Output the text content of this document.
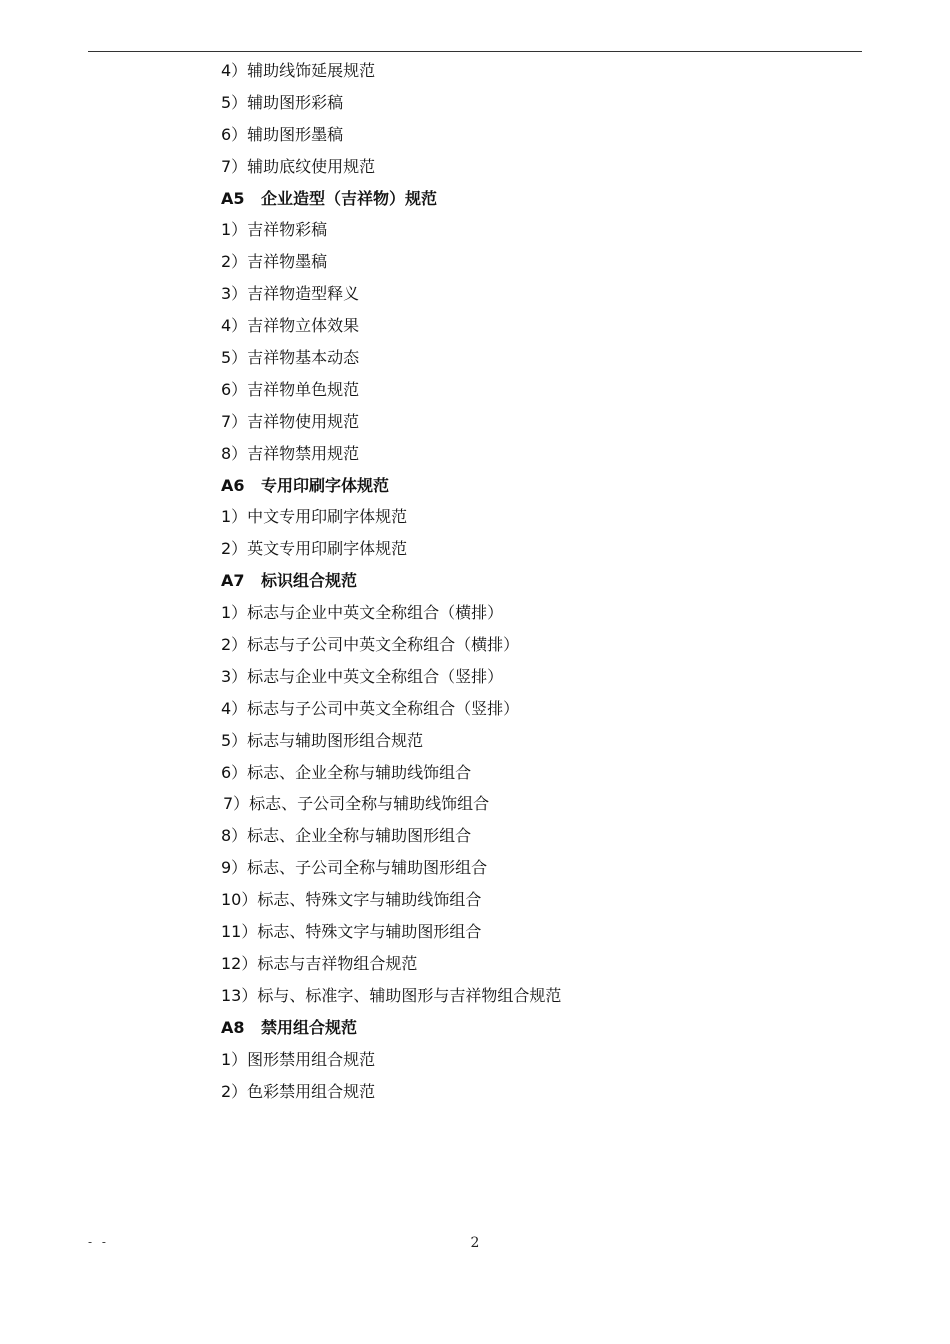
4）辅助线饰延展规范
5）辅助图形彩稿
6）辅助图形墨稿
7）辅助底纹使用规范
A5 企业造型（吉祥物）规范
1）吉祥物彩稿
2）吉祥物墨稿
3）吉祥物造型释义
4）吉祥物立体效果
5）吉祥物基本动态
6）吉祥物单色规范
7）吉祥物使用规范
8）吉祥物禁用规范
A6 专用印刷字体规范
1）中文专用印刷字体规范
2）英文专用印刷字体规范
A7 标识组合规范
1）标志与企业中英文全称组合（横排）
2）标志与子公司中英文全称组合（横排）
3）标志与企业中英文全称组合（竖排）
4）标志与子公司中英文全称组合（竖排）
5）标志与辅助图形组合规范
6）标志、企业全称与辅助线饰组合
7）标志、子公司全称与辅助线饰组合
8）标志、企业全称与辅助图形组合
9）标志、子公司全称与辅助图形组合
10）标志、特殊文字与辅助线饰组合
11）标志、特殊文字与辅助图形组合
12）标志与吉祥物组合规范
13）标与、标准字、辅助图形与吉祥物组合规范
A8 禁用组合规范
1）图形禁用组合规范
2）色彩禁用组合规范
- -	2
